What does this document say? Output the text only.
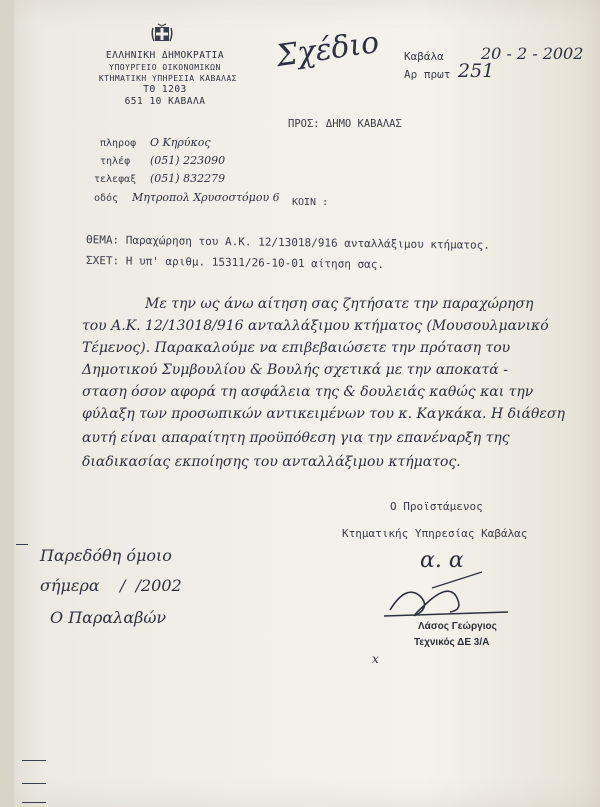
ΕΛΛΗΝΙΚΗ ΔΗΜΟΚΡΑΤΙΑ
ΥΠΟΥΡΓΕΙΟ ΟΙΚΟΝΟΜΙΚΩΝ
ΚΤΗΜΑΤΙΚΗ ΥΠΗΡΕΣΙΑ ΚΑΒΑΛΑΣ
ΤΘ 1203
651 10 ΚΑΒΑΛΑ
Σχέδιο Καβάλα 20 - 2 - 2002
Αρ πρωτ 251
ΠΡΟΣ: ΔΗΜΟ ΚΑΒΑΛΑΣ
πληροφ Ο Κηρύκος
τηλέφ (051) 223090
τελεφαξ (051) 832279
οδός Μητροπολ Χρυσοστόμου 6 ΚΟΙΝ :
ΘΕΜΑ: Παραχώρηση του Α.Κ. 12/13018/916 ανταλλάξιμου κτήματος.
ΣΧΕΤ: Η υπ' αριθμ. 15311/26-10-01 αίτηση σας.
Με την ως άνω αίτηση σας ζητήσατε την παραχώρηση
του Α.Κ. 12/13018/916 ανταλλάξιμου κτήματος (Μουσουλμανικό
Τέμενος). Παρακαλούμε να επιβεβαιώσετε την πρόταση του
Δημοτικού Συμβουλίου & Βουλής σχετικά με την αποκατά -
σταση όσον αφορά τη ασφάλεια της & δουλειάς καθώς και την
φύλαξη των προσωπικών αντικειμένων του κ. Καγκάκα. Η διάθεση
αυτή είναι απαραίτητη προϋπόθεση για την επανέναρξη της
διαδικασίας εκποίησης του ανταλλάξιμου κτήματος.
Ο Προϊστάμενος
Κτηματικής Υπηρεσίας Καβάλας
α. α
Λάσος Γεώργιος
Τεχνικός ΔΕ 3/Α
x
Παρεδόθη όμοιο
σήμερα    /  /2002
Ο Παραλαβών
